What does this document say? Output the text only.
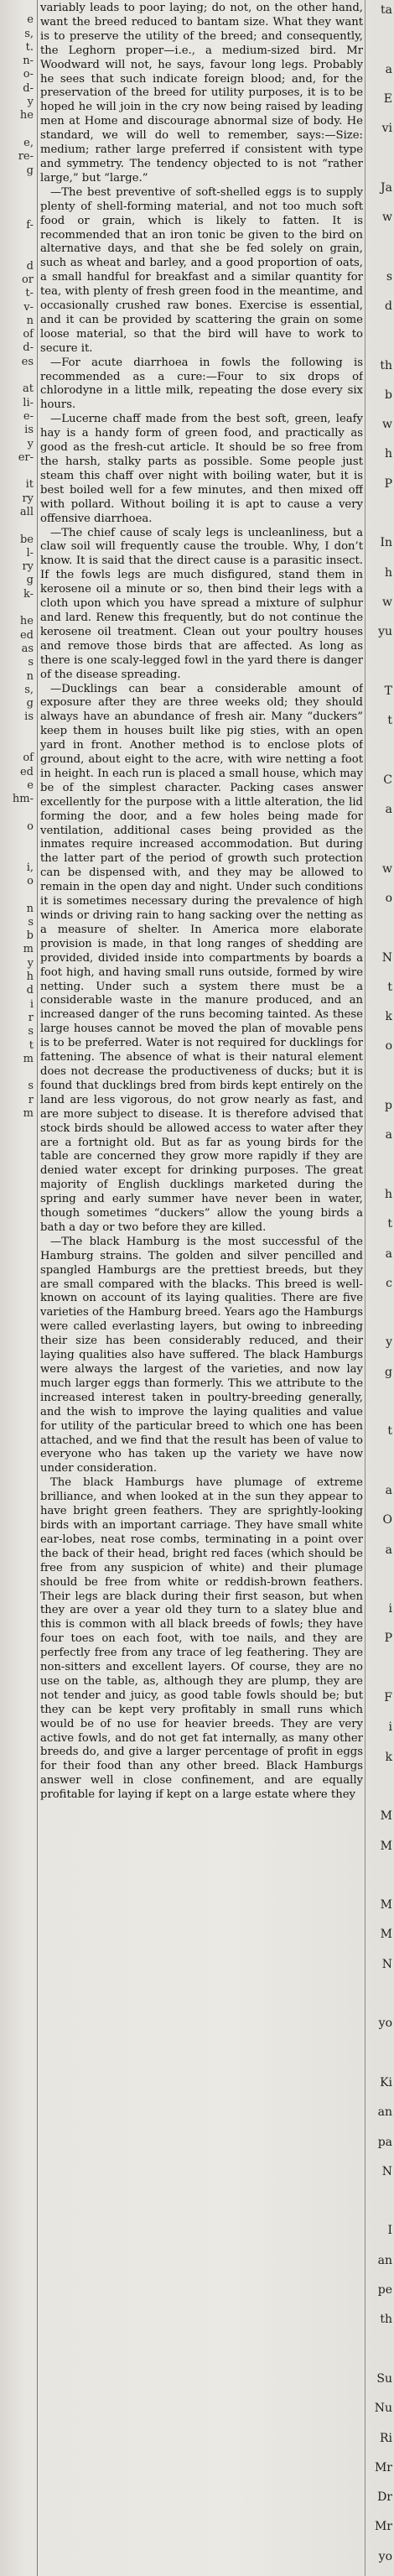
e
s,
t.
n-
o-
d-
y
he
e,
re-
g
f-
d
or
t-
v-
n
of
d-
es
at
li-
e-
is
y
er-
it
ry
all
be
l-
ry
g
k-
he
ed
as
s
n
s,
g
is
of
ed
e
hm-
o
i,
o
n
s
b
m
y
h
d
i
r
s
t
m
s
r
m

variably leads to poor laying; do not, on the other hand, want the breed reduced to bantam size. What they want is to preserve the utility of the breed; and consequently, the Leghorn proper—i.e., a medium-sized bird. Mr Woodward will not, he says, favour long legs. Probably he sees that such indicate foreign blood; and, for the preservation of the breed for utility purposes, it is to be hoped he will join in the cry now being raised by leading men at Home and discourage abnormal size of body. He standard, we will do well to remember, says:—Size: medium; rather large preferred if consistent with type and symmetry. The tendency objected to is not “rather large,” but “large.”

—The best preventive of soft-shelled eggs is to supply plenty of shell-forming material, and not too much soft food or grain, which is likely to fatten. It is recommended that an iron tonic be given to the bird on alternative days, and that she be fed solely on grain, such as wheat and barley, and a good proportion of oats, a small handful for breakfast and a similar quantity for tea, with plenty of fresh green food in the meantime, and occasionally crushed raw bones. Exercise is essential, and it can be provided by scattering the grain on some loose material, so that the bird will have to work to secure it.

—For acute diarrhoea in fowls the following is recommended as a cure:—Four to six drops of chlorodyne in a little milk, repeating the dose every six hours.

—Lucerne chaff made from the best soft, green, leafy hay is a handy form of green food, and practically as good as the fresh-cut article. It should be so free from the harsh, stalky parts as possible. Some people just steam this chaff over night with boiling water, but it is best boiled well for a few minutes, and then mixed off with pollard. Without boiling it is apt to cause a very offensive diarrhoea.

—The chief cause of scaly legs is uncleanliness, but a claw soil will frequently cause the trouble. Why, I don’t know. It is said that the direct cause is a parasitic insect. If the fowls legs are much disfigured, stand them in kerosene oil a minute or so, then bind their legs with a cloth upon which you have spread a mixture of sulphur and lard. Renew this frequently, but do not continue the kerosene oil treatment. Clean out your poultry houses and remove those birds that are affected. As long as there is one scaly-legged fowl in the yard there is danger of the disease spreading.

—Ducklings can bear a considerable amount of exposure after they are three weeks old; they should always have an abundance of fresh air. Many “duckers” keep them in houses built like pig sties, with an open yard in front. Another method is to enclose plots of ground, about eight to the acre, with wire netting a foot in height. In each run is placed a small house, which may be of the simplest character. Packing cases answer excellently for the purpose with a little alteration, the lid forming the door, and a few holes being made for ventilation, additional cases being provided as the inmates require increased accommodation. But during the latter part of the period of growth such protection can be dispensed with, and they may be allowed to remain in the open day and night. Under such conditions it is sometimes necessary during the prevalence of high winds or driving rain to hang sacking over the netting as a measure of shelter. In America more elaborate provision is made, in that long ranges of shedding are provided, divided inside into compartments by boards a foot high, and having small runs outside, formed by wire netting. Under such a system there must be a considerable waste in the manure produced, and an increased danger of the runs becoming tainted. As these large houses cannot be moved the plan of movable pens is to be preferred. Water is not required for ducklings for fattening. The absence of what is their natural element does not decrease the productiveness of ducks; but it is found that ducklings bred from birds kept entirely on the land are less vigorous, do not grow nearly as fast, and are more subject to disease. It is therefore advised that stock birds should be allowed access to water after they are a fortnight old. But as far as young birds for the table are concerned they grow more rapidly if they are denied water except for drinking purposes. The great majority of English ducklings marketed during the spring and early summer have never been in water, though sometimes “duckers” allow the young birds a bath a day or two before they are killed.

—The black Hamburg is the most successful of the Hamburg strains. The golden and silver pencilled and spangled Hamburgs are the prettiest breeds, but they are small compared with the blacks. This breed is well-known on account of its laying qualities. There are five varieties of the Hamburg breed. Years ago the Hamburgs were called everlasting layers, but owing to inbreeding their size has been considerably reduced, and their laying qualities also have suffered. The black Hamburgs were always the largest of the varieties, and now lay much larger eggs than formerly. This we attribute to the increased interest taken in poultry-breeding generally, and the wish to improve the laying qualities and value for utility of the particular breed to which one has been attached, and we find that the result has been of value to everyone who has taken up the variety we have now under consideration.

The black Hamburgs have plumage of extreme brilliance, and when looked at in the sun they appear to have bright green feathers. They are sprightly-looking birds with an important carriage. They have small white ear-lobes, neat rose combs, terminating in a point over the back of their head, bright red faces (which should be free from any suspicion of white) and their plumage should be free from white or reddish-brown feathers. Their legs are black during their first season, but when they are over a year old they turn to a slatey blue and this is common with all black breeds of fowls; they have four toes on each foot, with toe nails, and they are perfectly free from any trace of leg feathering. They are non-sitters and excellent layers. Of course, they are no use on the table, as, although they are plump, they are not tender and juicy, as good table fowls should be; but they can be kept very profitably in small runs which would be of no use for heavier breeds. They are very active fowls, and do not get fat internally, as many other breeds do, and give a larger percentage of profit in eggs for their food than any other breed. Black Hamburgs answer well in close confinement, and are equally profitable for laying if kept on a large estate where they

ta
a
E
vi
Ja
w
s
d
th
b
w
h
P
In
h
w
yu
T
t
C
a
w
o
N
t
k
o
p
a
h
t
a
c
y
g
t
a
O
a
i
P
F
i
k
M
M
M
M
N
yo
Ki
an
pa
N
I
an
pe
th
Su
Nu
Ri
Mr
Dr
Mr
yo
